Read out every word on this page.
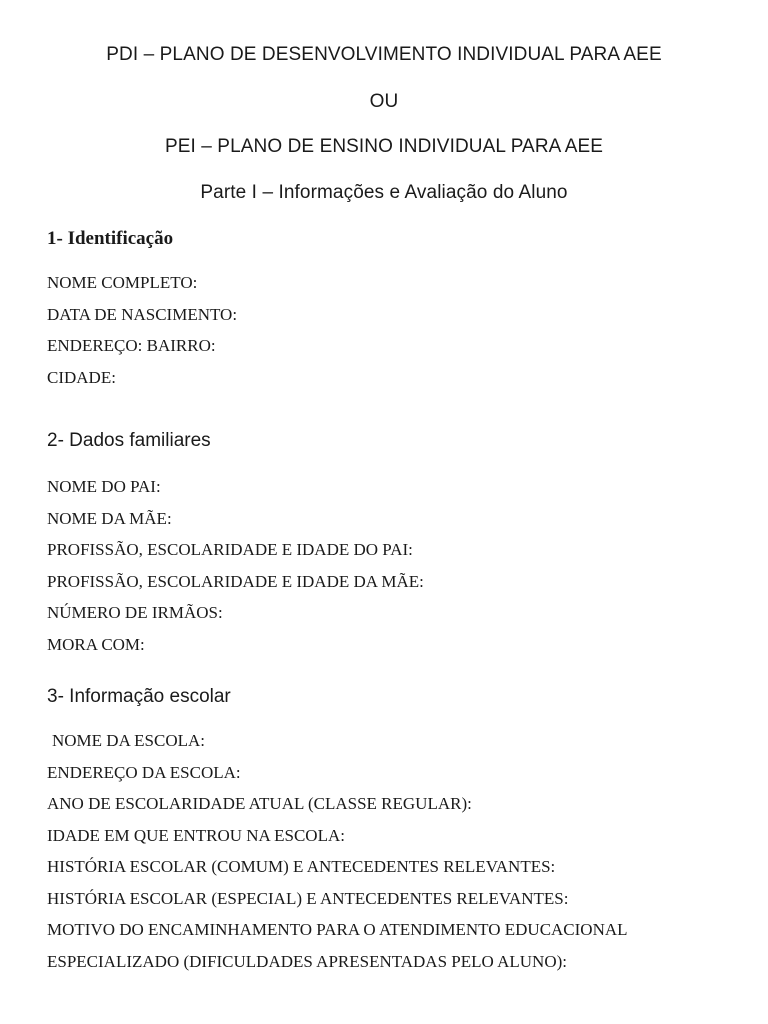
PDI – PLANO DE DESENVOLVIMENTO INDIVIDUAL PARA AEE
OU
PEI – PLANO DE ENSINO INDIVIDUAL PARA AEE
Parte I – Informações e Avaliação do Aluno
1- Identificação
NOME COMPLETO:
DATA DE NASCIMENTO:
ENDEREÇO: BAIRRO:
CIDADE:
2- Dados familiares
NOME DO PAI:
NOME DA MÃE:
PROFISSÃO, ESCOLARIDADE E IDADE DO PAI:
PROFISSÃO, ESCOLARIDADE E IDADE DA MÃE:
NÚMERO DE IRMÃOS:
MORA COM:
3- Informação escolar
NOME DA ESCOLA:
ENDEREÇO DA ESCOLA:
ANO DE ESCOLARIDADE ATUAL (CLASSE REGULAR):
IDADE EM QUE ENTROU NA ESCOLA:
HISTÓRIA ESCOLAR (COMUM) E ANTECEDENTES RELEVANTES:
HISTÓRIA ESCOLAR (ESPECIAL) E ANTECEDENTES RELEVANTES:
MOTIVO DO ENCAMINHAMENTO PARA O ATENDIMENTO EDUCACIONAL
ESPECIALIZADO (DIFICULDADES APRESENTADAS PELO ALUNO):
